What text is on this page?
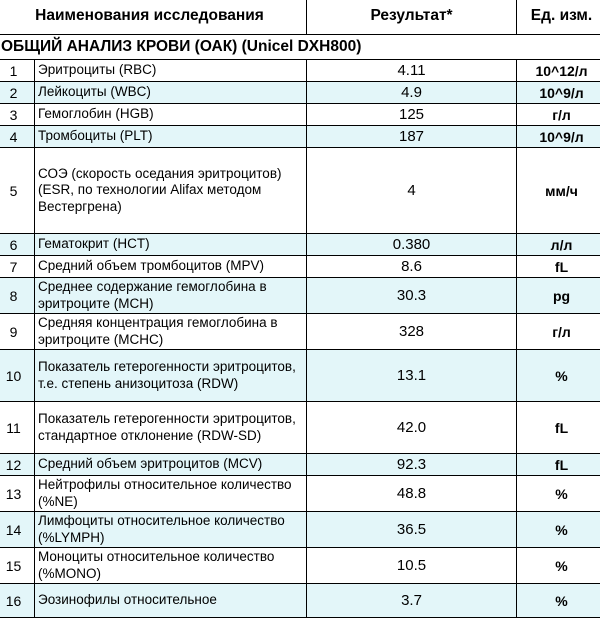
Наименования исследования		Результат*	Ед. изм.
ОБЩИЙ АНАЛИЗ КРОВИ (ОАК) (Unicel DXH800)			
1	Эритроциты (RBC)	4.11	10^12/л
2	Лейкоциты (WBC)	4.9	10^9/л
3	Гемоглобин (HGB)	125	г/л
4	Тромбоциты (PLT)	187	10^9/л
5	СОЭ (скорость оседания эритроцитов) (ESR, по технологии Alifax методом Вестергрена)	4	мм/ч
6	Гематокрит (HCT)	0.380	л/л
7	Средний объем тромбоцитов (MPV)	8.6	fL
8	Среднее содержание гемоглобина в эритроците (MCH)	30.3	pg
9	Средняя концентрация гемоглобина в эритроците (MCHC)	328	г/л
10	Показатель гетерогенности эритроцитов, т.е. степень анизоцитоза (RDW)	13.1	%
11	Показатель гетерогенности эритроцитов, стандартное отклонение (RDW-SD)	42.0	fL
12	Средний объем эритроцитов (MCV)	92.3	fL
13	Нейтрофилы относительное количество (%NE)	48.8	%
14	Лимфоциты относительное количество (%LYMPH)	36.5	%
15	Моноциты относительное количество (%MONO)	10.5	%
16	Эозинофилы относительное	3.7	%
